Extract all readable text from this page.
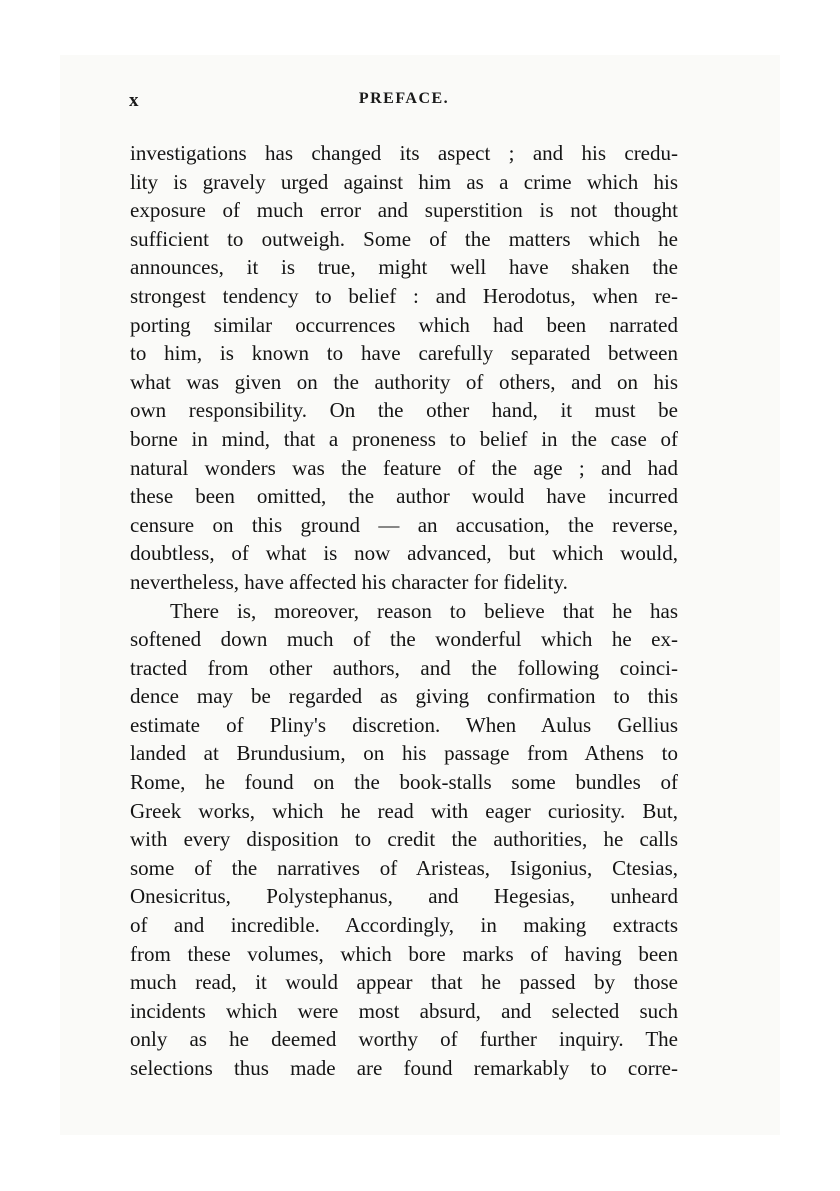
x	PREFACE.
investigations has changed its aspect ; and his credu-
lity is gravely urged against him as a crime which his
exposure of much error and superstition is not thought
sufficient to outweigh. Some of the matters which he
announces, it is true, might well have shaken the
strongest tendency to belief : and Herodotus, when re-
porting similar occurrences which had been narrated
to him, is known to have carefully separated between
what was given on the authority of others, and on his
own responsibility. On the other hand, it must be
borne in mind, that a proneness to belief in the case of
natural wonders was the feature of the age ; and had
these been omitted, the author would have incurred
censure on this ground — an accusation, the reverse,
doubtless, of what is now advanced, but which would,
nevertheless, have affected his character for fidelity.
There is, moreover, reason to believe that he has
softened down much of the wonderful which he ex-
tracted from other authors, and the following coinci-
dence may be regarded as giving confirmation to this
estimate of Pliny's discretion. When Aulus Gellius
landed at Brundusium, on his passage from Athens to
Rome, he found on the book-stalls some bundles of
Greek works, which he read with eager curiosity. But,
with every disposition to credit the authorities, he calls
some of the narratives of Aristeas, Isigonius, Ctesias,
Onesicritus, Polystephanus, and Hegesias, unheard
of and incredible. Accordingly, in making extracts
from these volumes, which bore marks of having been
much read, it would appear that he passed by those
incidents which were most absurd, and selected such
only as he deemed worthy of further inquiry. The
selections thus made are found remarkably to corre-
